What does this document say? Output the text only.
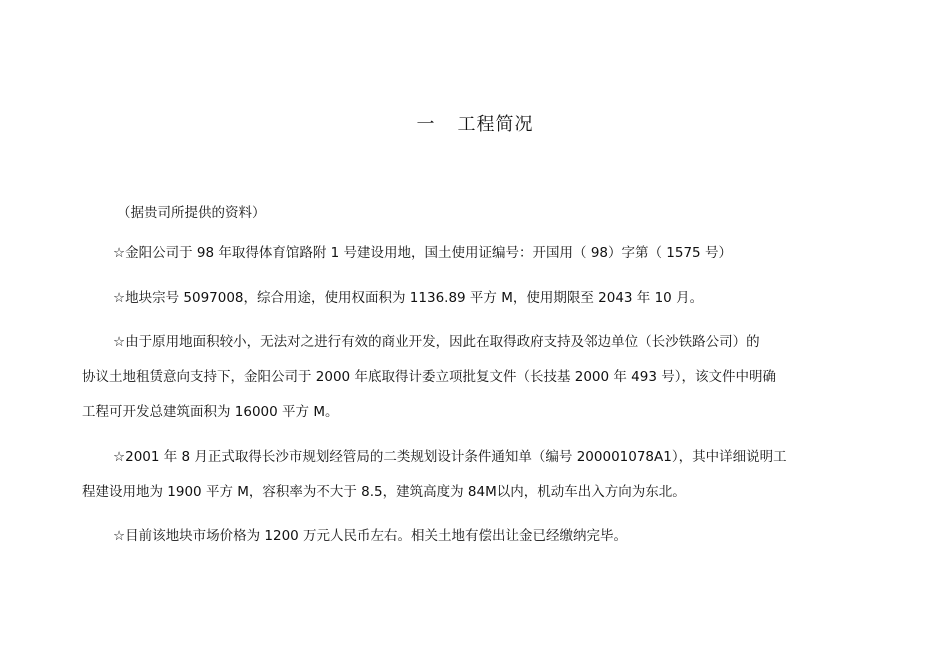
一 工程简况
（据贵司所提供的资料）
☆金阳公司于 98 年取得体育馆路附 1 号建设用地，国土使用证编号：开国用（ 98）字第（ 1575 号）
☆地块宗号 5097008，综合用途，使用权面积为 1136.89 平方 M，使用期限至 2043 年 10 月。
☆由于原用地面积较小，无法对之进行有效的商业开发，因此在取得政府支持及邻边单位（长沙铁路公司）的
协议土地租赁意向支持下，金阳公司于 2000 年底取得计委立项批复文件（长技基 2000 年 493 号），该文件中明确
工程可开发总建筑面积为 16000 平方 M。
☆2001 年 8 月正式取得长沙市规划经管局的二类规划设计条件通知单（编号 200001078A1），其中详细说明工
程建设用地为 1900 平方 M，容积率为不大于 8.5，建筑高度为 84M以内，机动车出入方向为东北。
☆目前该地块市场价格为 1200 万元人民币左右。相关土地有偿出让金已经缴纳完毕。
